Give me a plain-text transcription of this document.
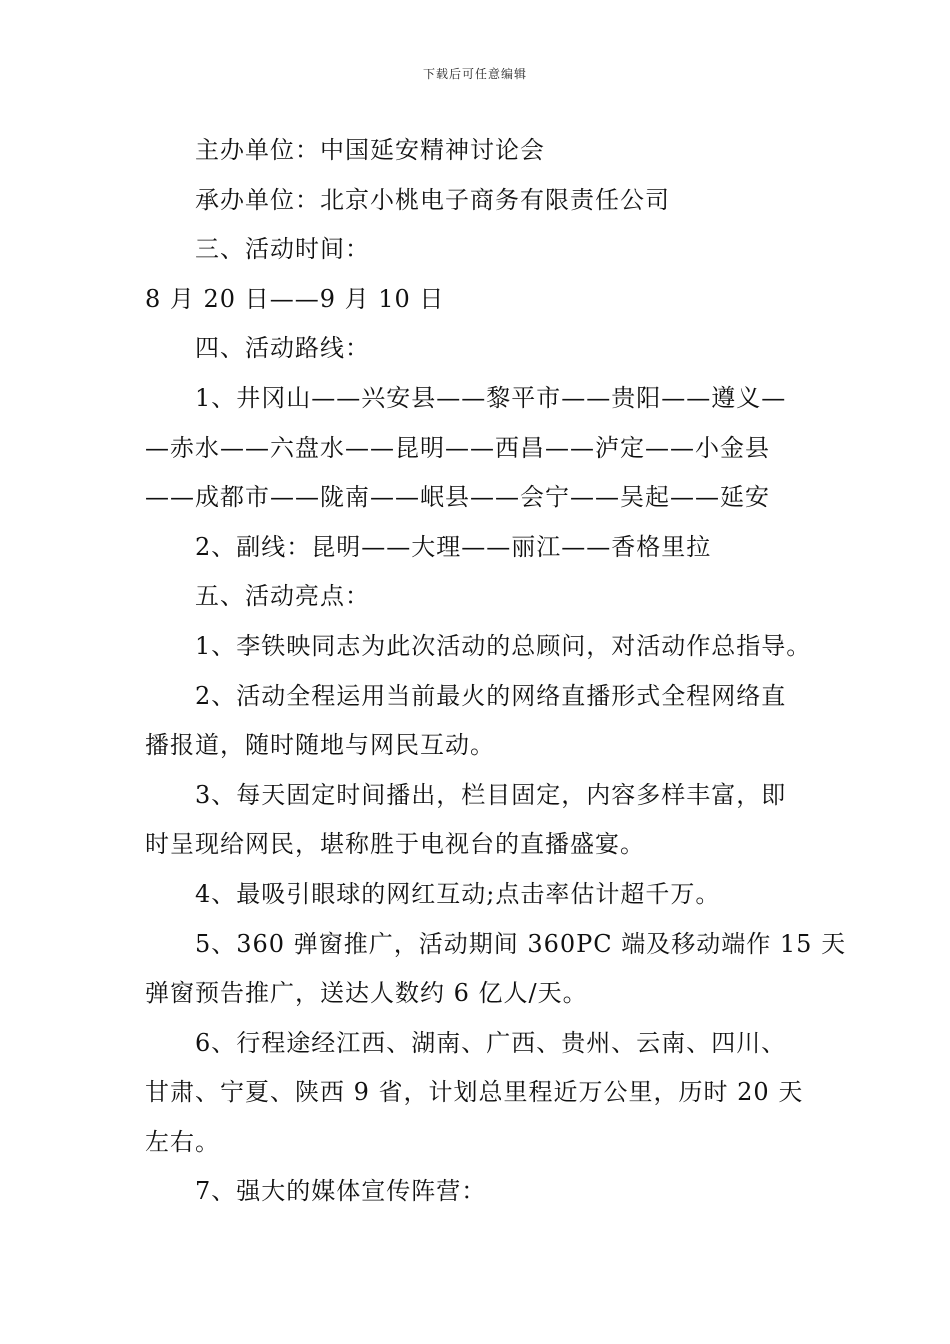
下载后可任意编辑
主办单位：中国延安精神讨论会
承办单位：北京小桃电子商务有限责任公司
三、活动时间：
8 月 20 日——9 月 10 日
四、活动路线：
1、井冈山——兴安县——黎平市——贵阳——遵义—
—赤水——六盘水——昆明——西昌——泸定——小金县
——成都市——陇南——岷县——会宁——吴起——延安
2、副线：昆明——大理——丽江——香格里拉
五、活动亮点：
1、李铁映同志为此次活动的总顾问，对活动作总指导。
2、活动全程运用当前最火的网络直播形式全程网络直
播报道，随时随地与网民互动。
3、每天固定时间播出，栏目固定，内容多样丰富，即
时呈现给网民，堪称胜于电视台的直播盛宴。
4、最吸引眼球的网红互动;点击率估计超千万。
5、360 弹窗推广，活动期间 360PC 端及移动端作 15 天
弹窗预告推广，送达人数约 6 亿人/天。
6、行程途经江西、湖南、广西、贵州、云南、四川、
甘肃、宁夏、陕西 9 省，计划总里程近万公里，历时 20 天
左右。
7、强大的媒体宣传阵营：
